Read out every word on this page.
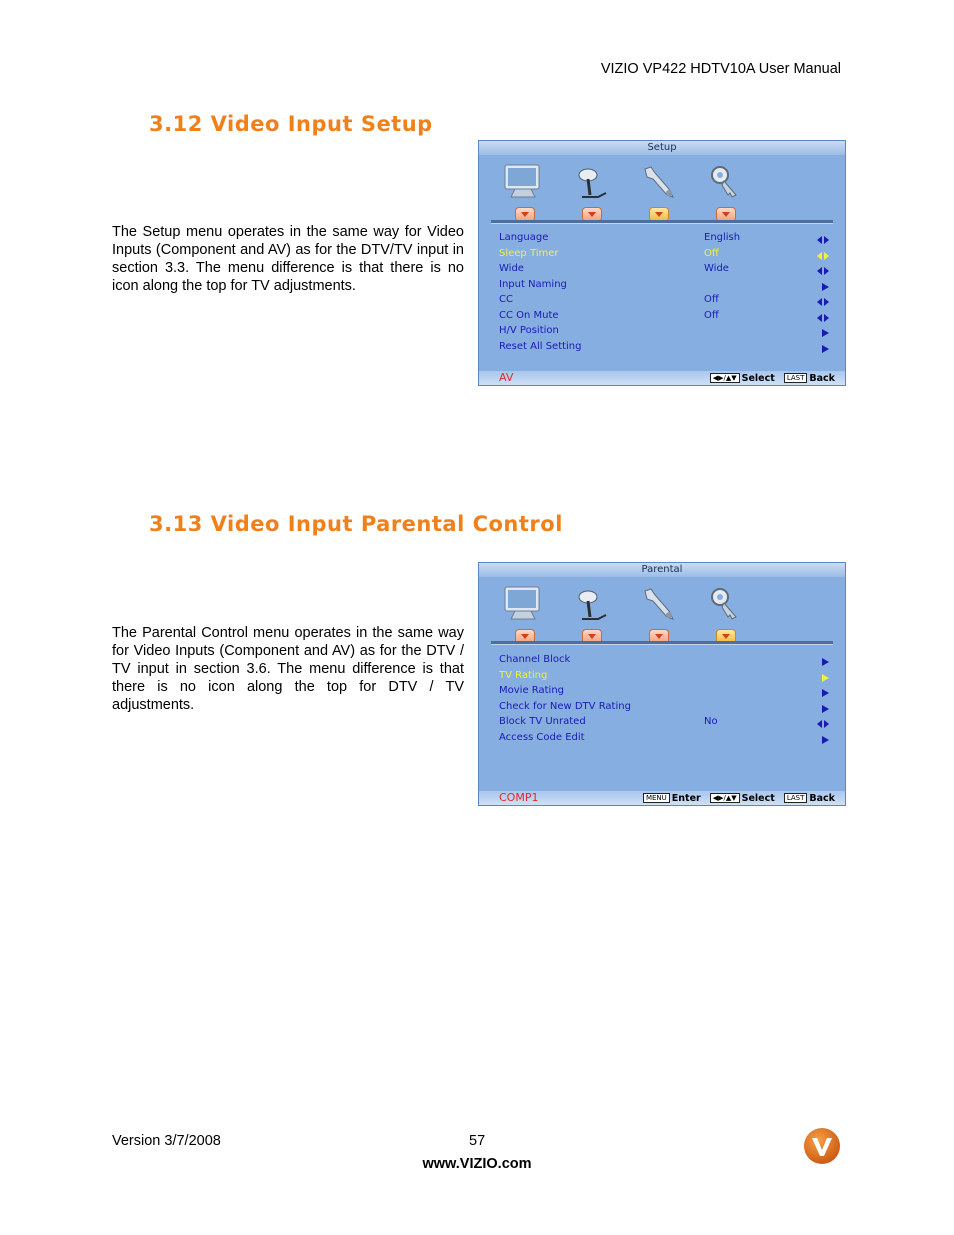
VIZIO VP422 HDTV10A User Manual
3.12 Video Input Setup
The Setup menu operates in the same way for Video Inputs (Component and AV) as for the DTV/TV input in section 3.3. The menu difference is that there is no icon along the top for TV adjustments.
Setup
Language	English
Sleep Timer	Off
Wide	Wide
Input Naming
CC	Off
CC On Mute	Off
H/V Position
Reset All Setting
AV	◀▶/▲▼ Select LAST Back
3.13 Video Input Parental Control
The Parental Control menu operates in the same way for Video Inputs (Component and AV) as for the DTV / TV input in section 3.6. The menu difference is that there is no icon along the top for DTV / TV adjustments.
Parental
Channel Block
TV Rating
Movie Rating
Check for New DTV Rating
Block TV Unrated	No
Access Code Edit
COMP1	MENU Enter ◀▶/▲▼ Select LAST Back
Version 3/7/2008	57
www.VIZIO.com
